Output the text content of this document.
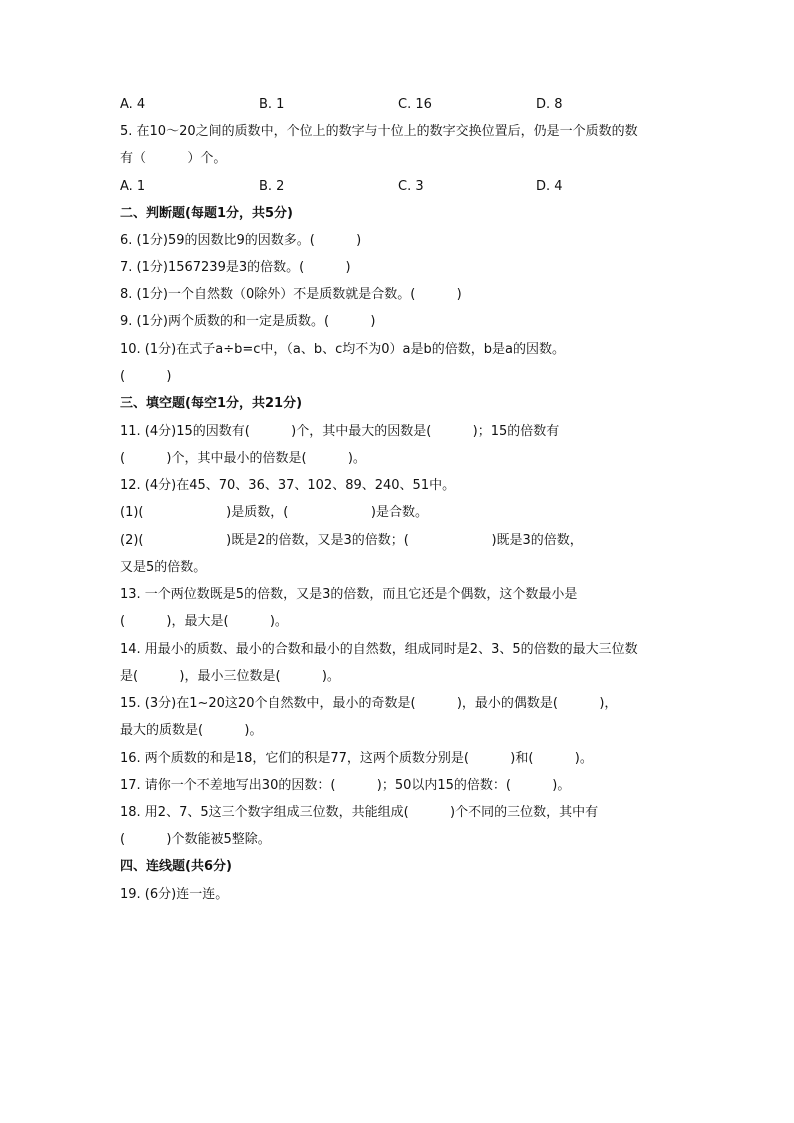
A. 4	B. 1	C. 16	D. 8
5. 在10～20之间的质数中，个位上的数字与十位上的数字交换位置后，仍是一个质数的数
有（          ）个。
A. 1	B. 2	C. 3	D. 4
二、判断题(每题1分，共5分)
6. (1分)59的因数比9的因数多。(          )
7. (1分)1567239是3的倍数。(          )
8. (1分)一个自然数（0除外）不是质数就是合数。(          )
9. (1分)两个质数的和一定是质数。(          )
10. (1分)在式子a÷b=c中，（a、b、c均不为0）a是b的倍数，b是a的因数。
(          )
三、填空题(每空1分，共21分)
11. (4分)15的因数有(          )个，其中最大的因数是(          )；15的倍数有
(          )个，其中最小的倍数是(          )。
12. (4分)在45、70、36、37、102、89、240、51中。
(1)(                    )是质数，(                    )是合数。
(2)(                    )既是2的倍数，又是3的倍数；(                    )既是3的倍数，
又是5的倍数。
13. 一个两位数既是5的倍数，又是3的倍数，而且它还是个偶数，这个数最小是
(          )，最大是(          )。
14. 用最小的质数、最小的合数和最小的自然数，组成同时是2、3、5的倍数的最大三位数
是(          )，最小三位数是(          )。
15. (3分)在1~20这20个自然数中，最小的奇数是(          )，最小的偶数是(          )，
最大的质数是(          )。
16. 两个质数的和是18，它们的积是77，这两个质数分别是(          )和(          )。
17. 请你一个不差地写出30的因数：(          )；50以内15的倍数：(          )。
18. 用2、7、5这三个数字组成三位数，共能组成(          )个不同的三位数，其中有
(          )个数能被5整除。
四、连线题(共6分)
19. (6分)连一连。
